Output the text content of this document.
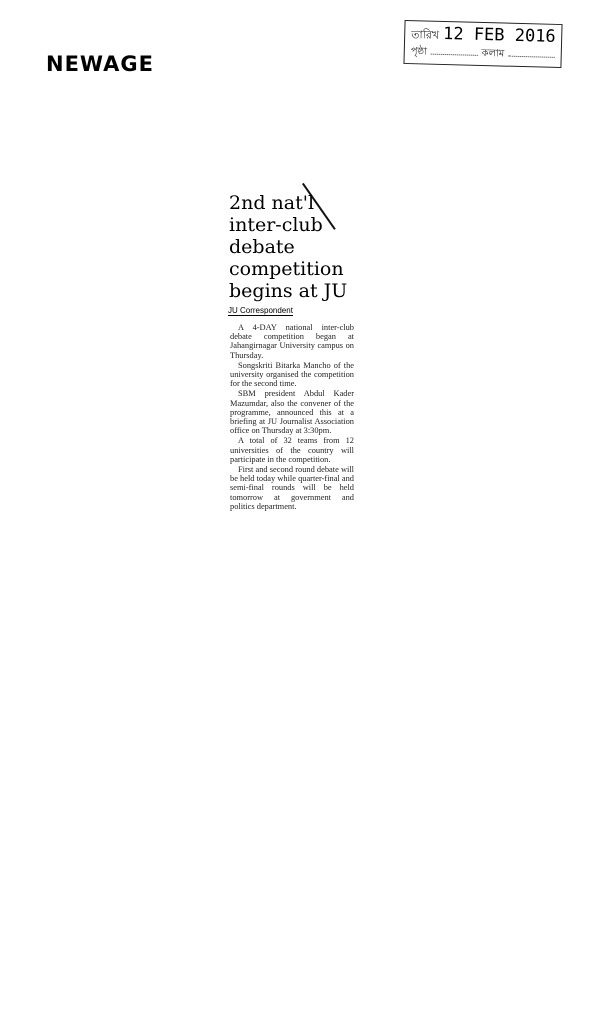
NEWAGE
তারিখ 12 FEB 2016
পৃষ্ঠা	কলাম
2nd nat'l
inter-club
debate
competition
begins at JU
JU Correspondent

A 4-DAY national inter-club debate competition began at Jahangirnagar University campus on Thursday.

Songskriti Bitarka Mancho of the university organised the competition for the second time.

SBM president Abdul Kader Mazumdar, also the convener of the programme, announced this at a briefing at JU Journalist Association office on Thursday at 3:30pm.

A total of 32 teams from 12 universities of the country will participate in the competition.

First and second round debate will be held today while quarter-final and semi-final rounds will be held tomorrow at government and politics department.
